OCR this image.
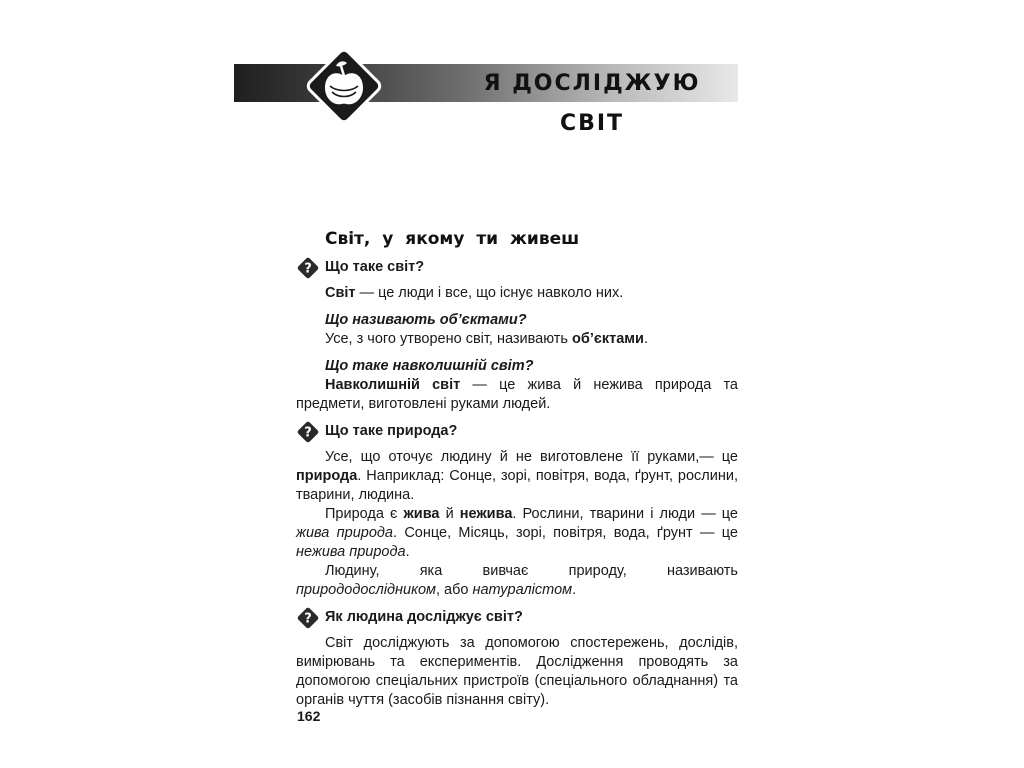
Я ДОСЛІДЖУЮ СВІТ
Світ, у якому ти живеш
? Що таке світ?
Світ — це люди і все, що існує навколо них.
Що називають об’єктами?
Усе, з чого утворено світ, називають об’єктами.
Що таке навколишній світ?
Навколишній світ — це жива й нежива природа та предмети, виготовлені руками людей.
? Що таке природа?
Усе, що оточує людину й не виготовлене її руками,— це природа. Наприклад: Сонце, зорі, повітря, вода, ґрунт, рослини, тварини, людина.
Природа є жива й нежива. Рослини, тварини і люди — це жива природа. Сонце, Місяць, зорі, повітря, вода, ґрунт — це нежива природа.
Людину, яка вивчає природу, називають природодослідником, або натуралістом.
? Як людина досліджує світ?
Світ досліджують за допомогою спостережень, дослідів, вимірювань та експериментів. Дослідження проводять за допомогою спеціальних пристроїв (спеціального обладнання) та органів чуття (засобів пізнання світу).
162
